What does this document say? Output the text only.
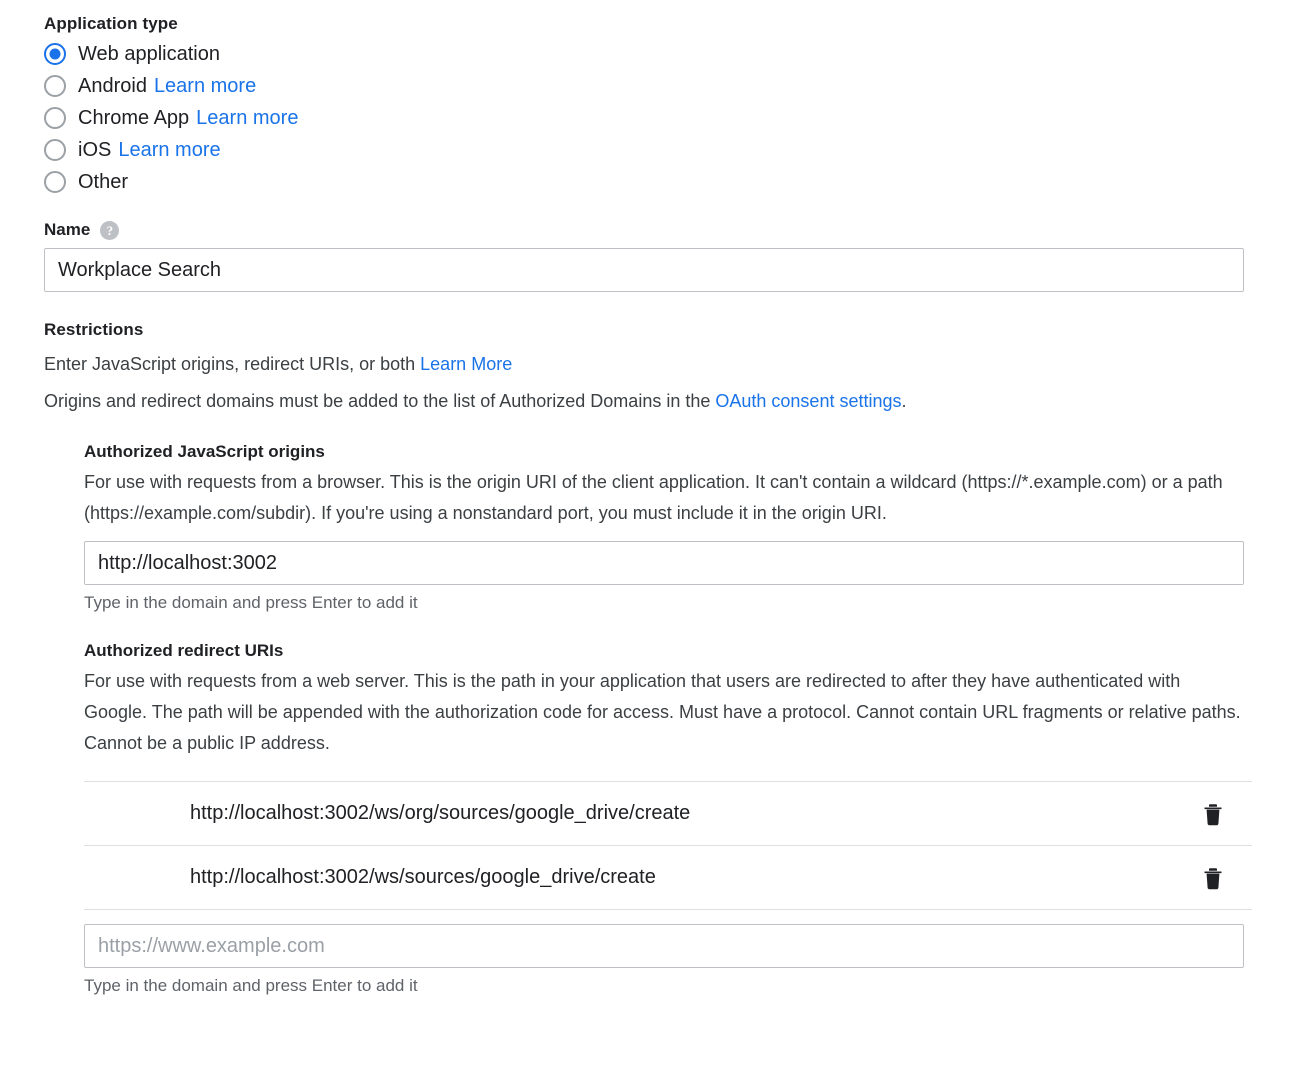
Application type
Web application
Android Learn more
Chrome App Learn more
iOS Learn more
Other
Name	?
Workplace Search
Restrictions

Enter JavaScript origins, redirect URIs, or both Learn More

Origins and redirect domains must be added to the list of Authorized Domains in the OAuth consent settings.

Authorized JavaScript origins
For use with requests from a browser. This is the origin URI of the client application. It can't contain a wildcard (https://*.example.com) or a path (https://example.com/subdir). If you're using a nonstandard port, you must include it in the origin URI.
http://localhost:3002
Type in the domain and press Enter to add it
Authorized redirect URIs
For use with requests from a web server. This is the path in your application that users are redirected to after they have authenticated with Google. The path will be appended with the authorization code for access. Must have a protocol. Cannot contain URL fragments or relative paths. Cannot be a public IP address.
http://localhost:3002/ws/org/sources/google_drive/create
http://localhost:3002/ws/sources/google_drive/create
https://www.example.com
Type in the domain and press Enter to add it
